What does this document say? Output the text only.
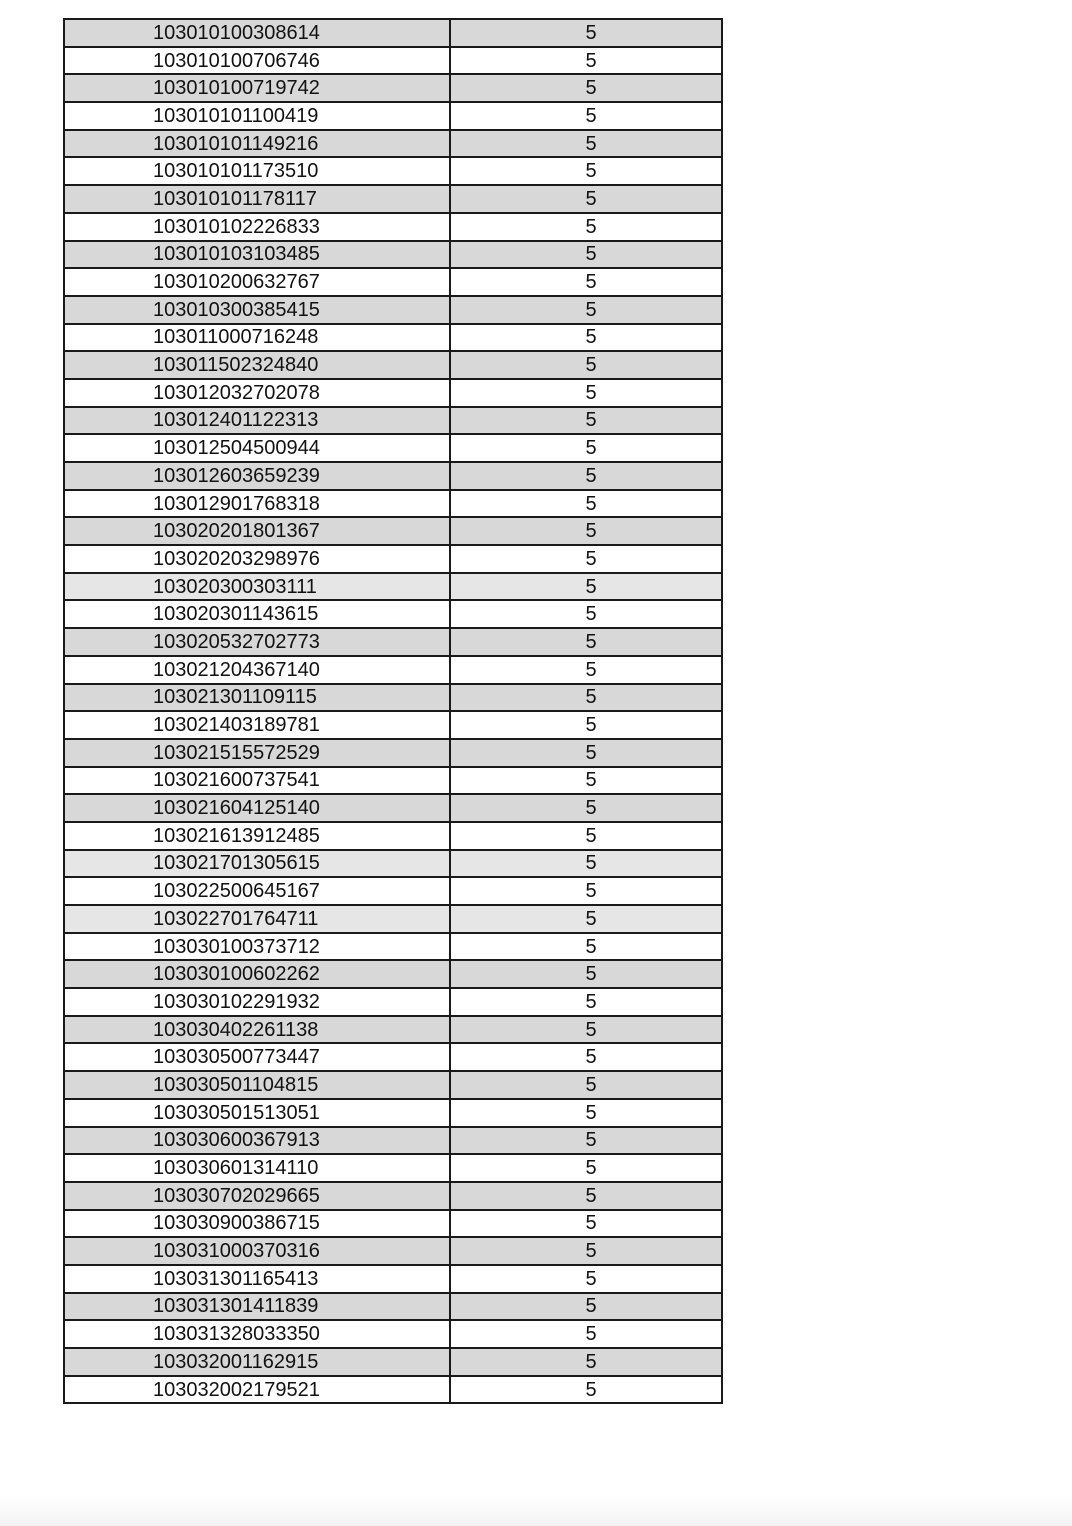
103010100308614	5
103010100706746	5
103010100719742	5
103010101100419	5
103010101149216	5
103010101173510	5
103010101178117	5
103010102226833	5
103010103103485	5
103010200632767	5
103010300385415	5
103011000716248	5
103011502324840	5
103012032702078	5
103012401122313	5
103012504500944	5
103012603659239	5
103012901768318	5
103020201801367	5
103020203298976	5
103020300303111	5
103020301143615	5
103020532702773	5
103021204367140	5
103021301109115	5
103021403189781	5
103021515572529	5
103021600737541	5
103021604125140	5
103021613912485	5
103021701305615	5
103022500645167	5
103022701764711	5
103030100373712	5
103030100602262	5
103030102291932	5
103030402261138	5
103030500773447	5
103030501104815	5
103030501513051	5
103030600367913	5
103030601314110	5
103030702029665	5
103030900386715	5
103031000370316	5
103031301165413	5
103031301411839	5
103031328033350	5
103032001162915	5
103032002179521	5
